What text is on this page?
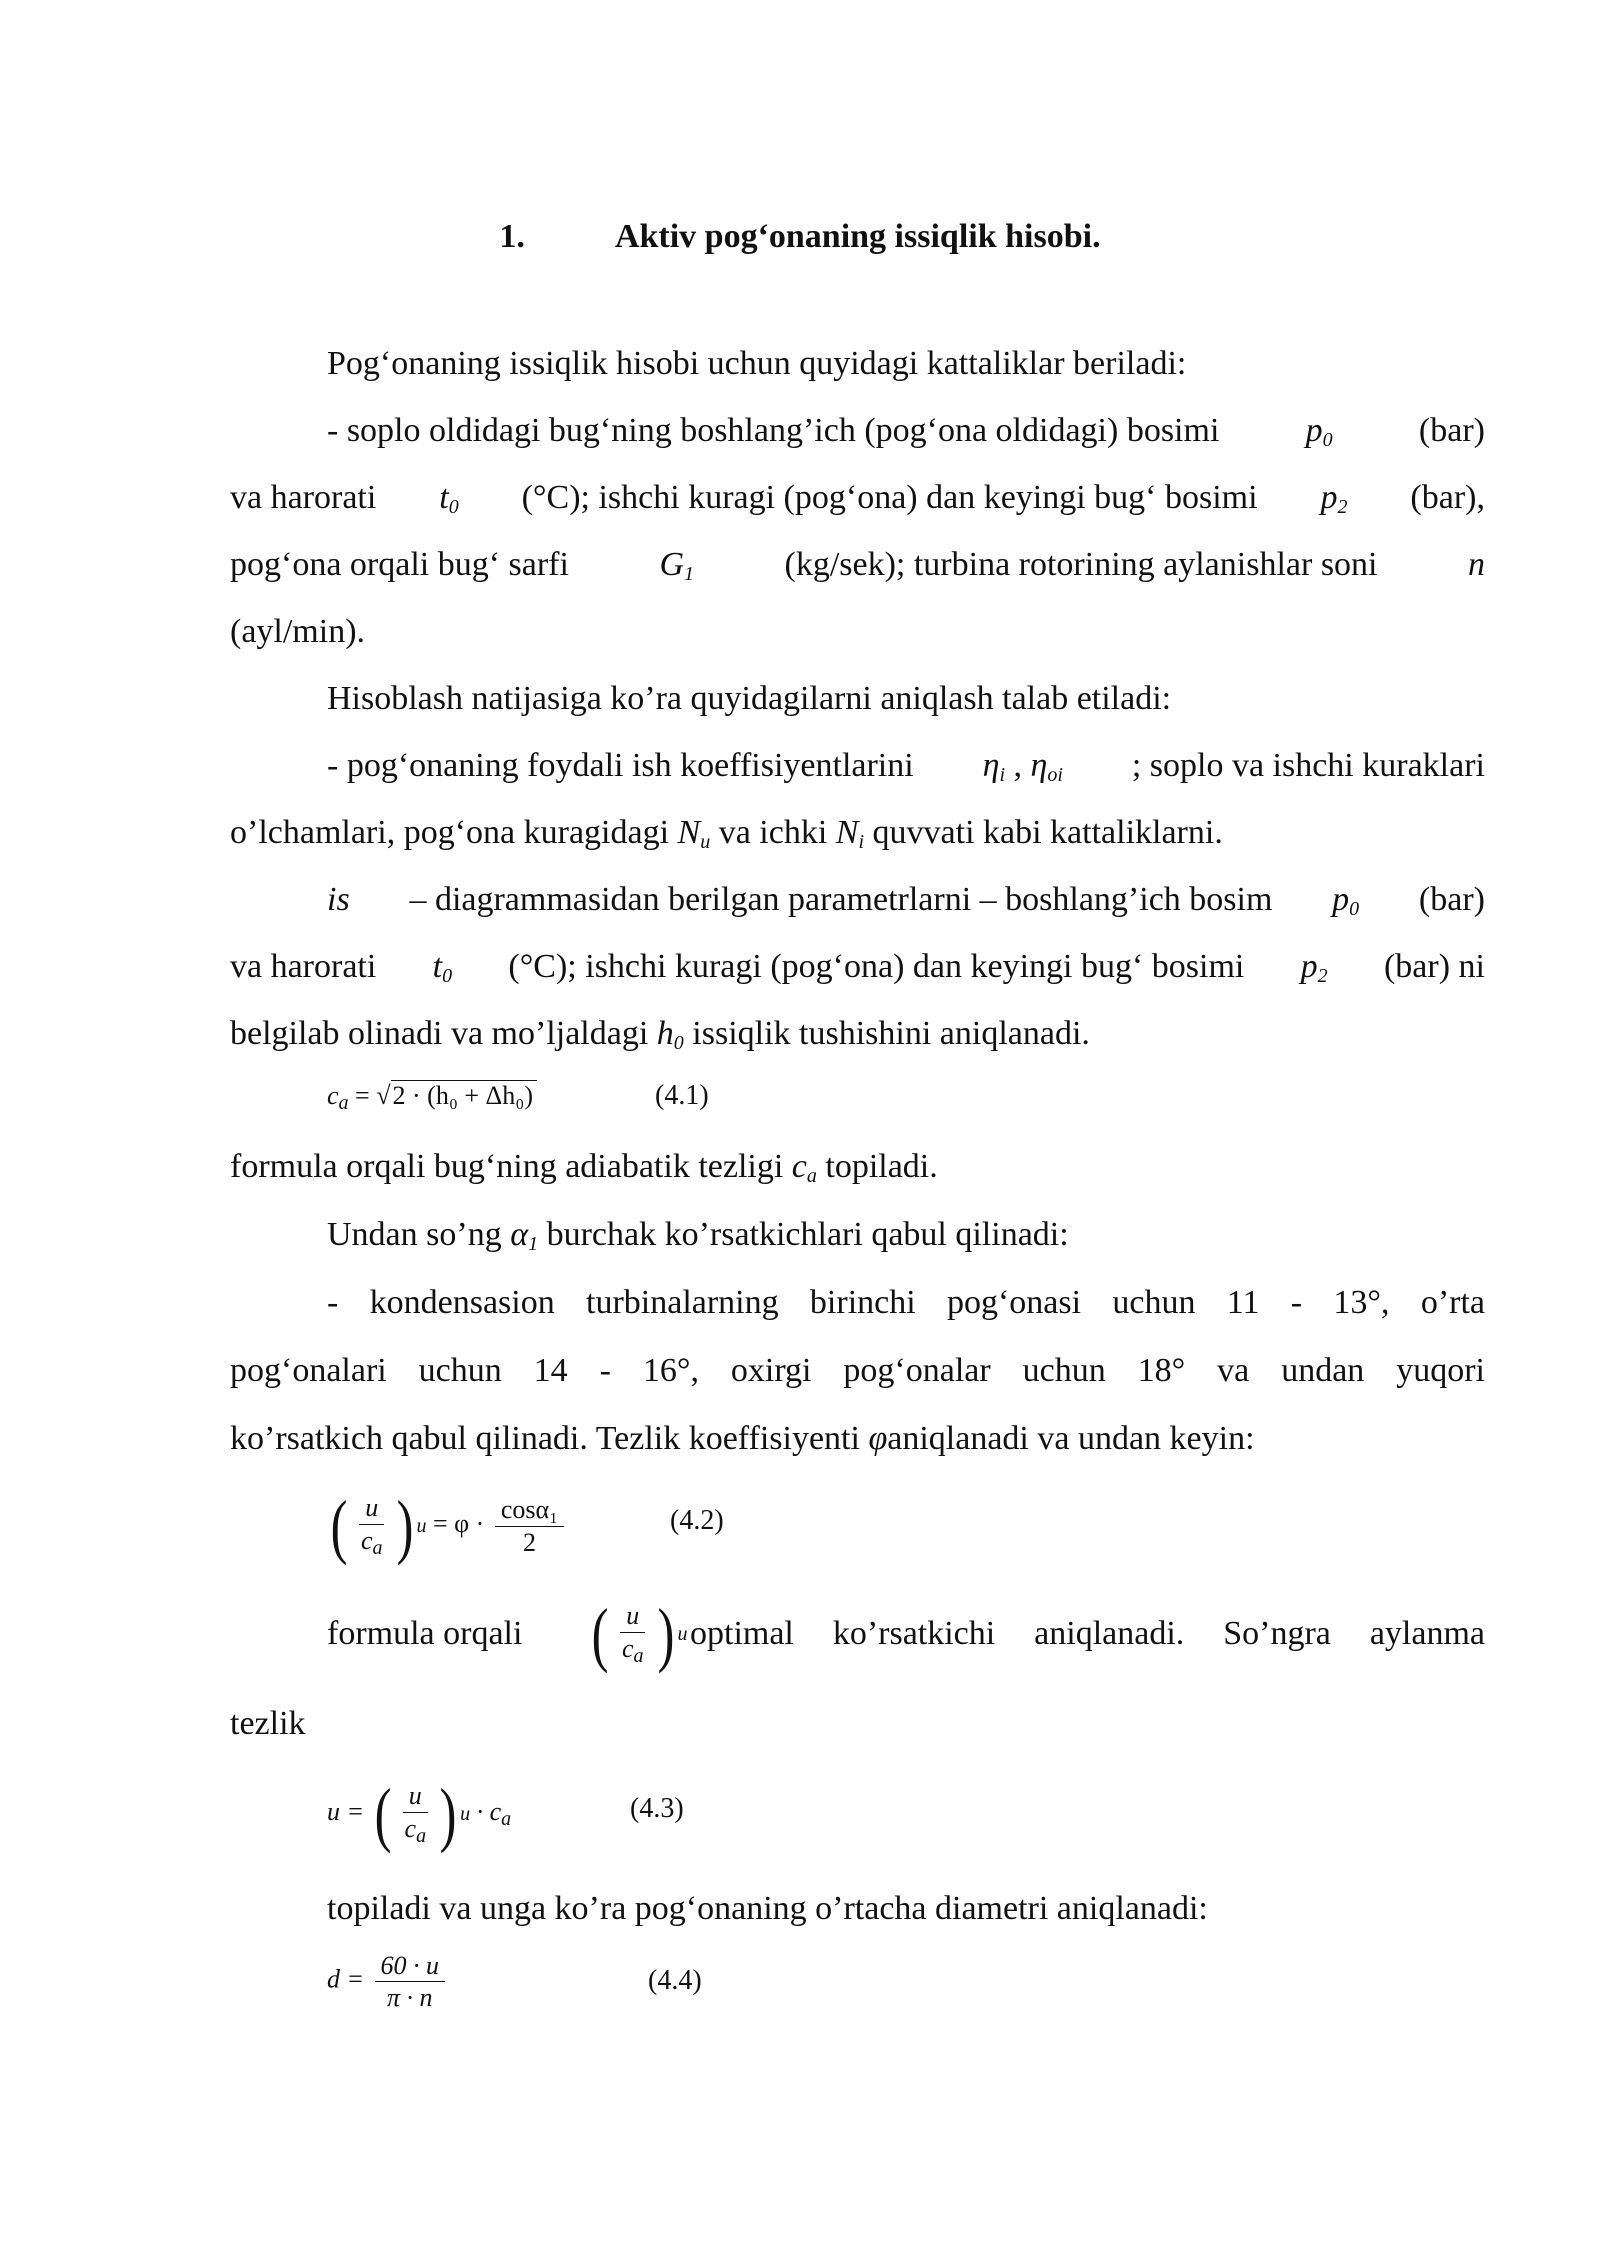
1.	Aktiv pog‘onaning issiqlik hisobi.
Pog‘onaning issiqlik hisobi uchun quyidagi kattaliklar beriladi:
- soplo oldidagi bug‘ning boshlang’ich (pog‘ona oldidagi) bosimi	$p_0$	(bar)
va harorati $t_0$ (°C); ishchi kuragi (pog‘ona) dan keyingi bug‘ bosimi $p_2$ (bar),
pog‘ona orqali bug‘ sarfi	$G_1$	(kg/sek); turbina rotorining aylanishlar soni	n
(ayl/min).
Hisoblash natijasiga ko’ra quyidagilarni aniqlash talab etiladi:
- pog‘onaning foydali ish koeffisiyentlarini $\eta_i$ , $\eta_{oi}$ ; soplo va ishchi kuraklari
o’lchamlari, pog‘ona kuragidagi $N_u$ va ichki $N_i$ quvvati kabi kattaliklarni.
is – diagrammasidan berilgan parametrlarni – boshlang’ich bosim $p_0$ (bar)
va harorati $t_0$ (°C); ishchi kuragi (pog‘ona) dan keyingi bug‘ bosimi $p_2$ (bar) ni
belgilab olinadi va mo’ljaldagi $h_0$ issiqlik tushishini aniqlanadi.
$c_a = √2 \cdot (h_0 + \Delta h_0)$	(4.1)
formula orqali bug‘ning adiabatik tezligi $c_a$ topiladi.
Undan so’ng $\alpha_1$ burchak ko’rsatkichlari qabul qilinadi:
- kondensasion turbinalarning birinchi pog‘onasi uchun 11 - 13°, o’rta
pog‘onalari uchun 14 - 16°, oxirgi pog‘onalar uchun 18° va undan yuqori
ko’rsatkich qabul qilinadi. Tezlik koeffisiyenti φaniqlanadi va undan keyin:
( $\frac{u}{c_a}$ ) $u = \varphi \cdot \frac{\text{cosα₁}}{2}$	(4.2)
formula orqali ( $\frac{u}{c_a}$ ) u optimal ko’rsatkichi aniqlanadi. So’ngra aylanma
tezlik
u = ( $\frac{u}{c_a}$ ) $u \cdot c_a$	(4.3)
topiladi va unga ko’ra pog‘onaning o’rtacha diametri aniqlanadi:
$d = \frac{60 \cdot u}{\pi \cdot n}$	(4.4)
